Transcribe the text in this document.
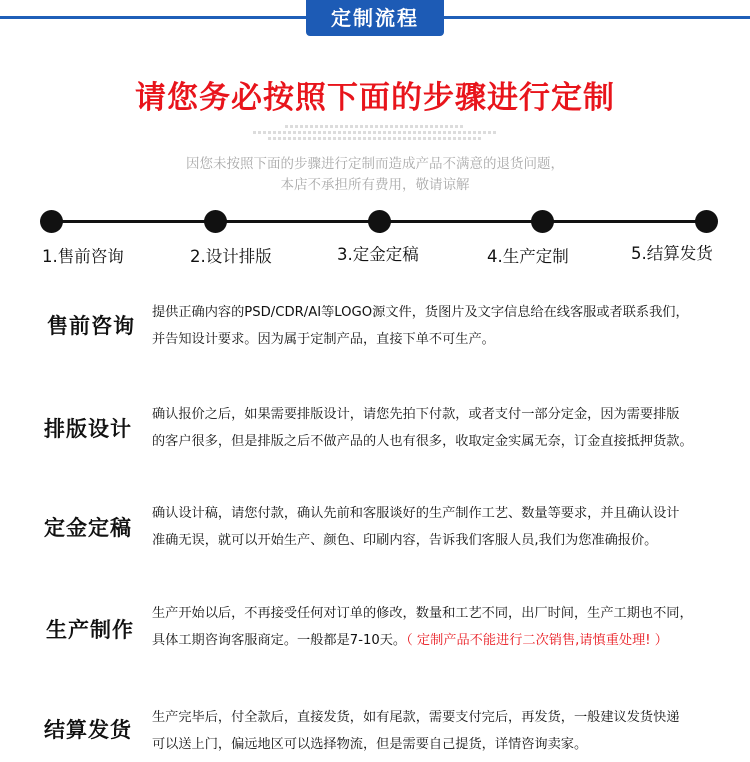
定制流程
请您务必按照下面的步骤进行定制
因您未按照下面的步骤进行定制而造成产品不满意的退货问题，
本店不承担所有费用，敬请谅解
1.售前咨询	2.设计排版	3.定金定稿	4.生产定制	5.结算发货
售前咨询
提供正确内容的PSD/CDR/AI等LOGO源文件，货图片及文字信息给在线客服或者联系我们，
并告知设计要求。因为属于定制产品，直接下单不可生产。
排版设计
确认报价之后，如果需要排版设计，请您先拍下付款，或者支付一部分定金，因为需要排版
的客户很多，但是排版之后不做产品的人也有很多，收取定金实属无奈，订金直接抵押货款。
定金定稿
确认设计稿，请您付款，确认先前和客服谈好的生产制作工艺、数量等要求，并且确认设计
准确无误，就可以开始生产、颜色、印刷内容，告诉我们客服人员,我们为您准确报价。
生产制作
生产开始以后，不再接受任何对订单的修改，数量和工艺不同，出厂时间，生产工期也不同，
具体工期咨询客服商定。一般都是7-10天。（ 定制产品不能进行二次销售,请慎重处理! ）
结算发货
生产完毕后，付全款后，直接发货，如有尾款，需要支付完后，再发货，一般建议发货快递
可以送上门，偏远地区可以选择物流，但是需要自己提货，详情咨询卖家。
